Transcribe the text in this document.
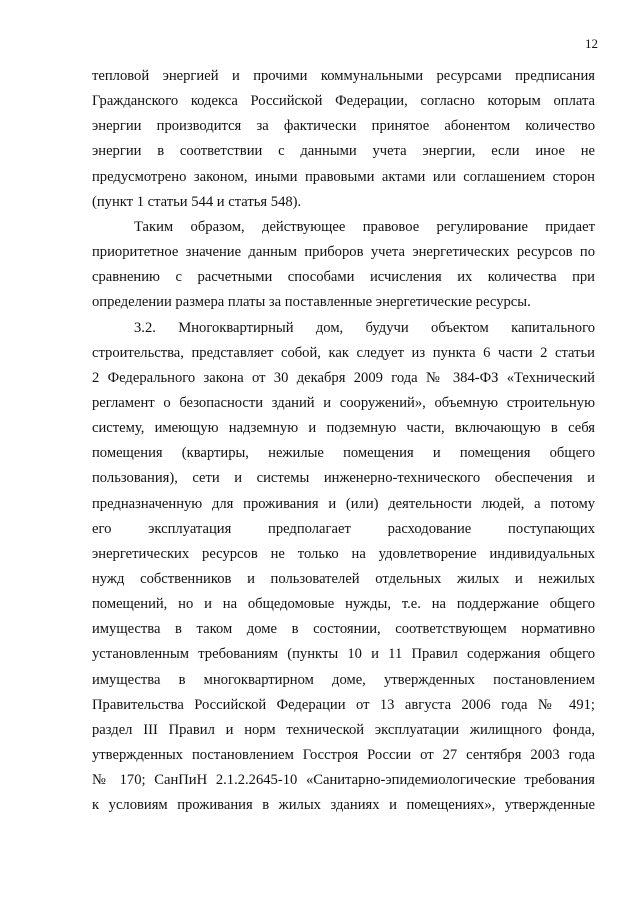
12
тепловой энергией и прочими коммунальными ресурсами предписания
Гражданского кодекса Российской Федерации, согласно которым оплата
энергии производится за фактически принятое абонентом количество
энергии в соответствии с данными учета энергии, если иное не
предусмотрено законом, иными правовыми актами или соглашением сторон
(пункт 1 статьи 544 и статья 548).
Таким образом, действующее правовое регулирование придает
приоритетное значение данным приборов учета энергетических ресурсов по
сравнению с расчетными способами исчисления их количества при
определении размера платы за поставленные энергетические ресурсы.
3.2. Многоквартирный дом, будучи объектом капитального
строительства, представляет собой, как следует из пункта 6 части 2 статьи
2 Федерального закона от 30 декабря 2009 года № 384-ФЗ «Технический
регламент о безопасности зданий и сооружений», объемную строительную
систему, имеющую надземную и подземную части, включающую в себя
помещения (квартиры, нежилые помещения и помещения общего
пользования), сети и системы инженерно-технического обеспечения и
предназначенную для проживания и (или) деятельности людей, а потому
его эксплуатация предполагает расходование поступающих
энергетических ресурсов не только на удовлетворение индивидуальных
нужд собственников и пользователей отдельных жилых и нежилых
помещений, но и на общедомовые нужды, т.е. на поддержание общего
имущества в таком доме в состоянии, соответствующем нормативно
установленным требованиям (пункты 10 и 11 Правил содержания общего
имущества в многоквартирном доме, утвержденных постановлением
Правительства Российской Федерации от 13 августа 2006 года № 491;
раздел III Правил и норм технической эксплуатации жилищного фонда,
утвержденных постановлением Госстроя России от 27 сентября 2003 года
№ 170; СанПиН 2.1.2.2645-10 «Санитарно-эпидемиологические требования
к условиям проживания в жилых зданиях и помещениях», утвержденные
